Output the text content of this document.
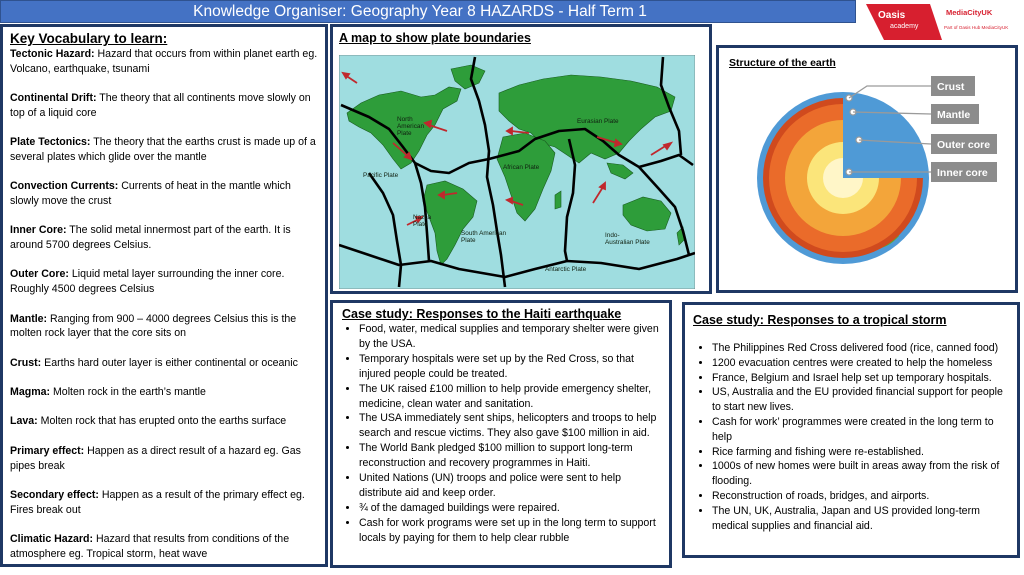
Knowledge Organiser: Geography Year 8 HAZARDS - Half Term 1	Oasis
academy
MediaCityUK
Part of Oasis Hub MediaCityUK
Key Vocabulary to learn:

Tectonic Hazard: Hazard that occurs from within planet earth eg. Volcano, earthquake, tsunami

Continental Drift: The theory that all continents move slowly on top of a liquid core

Plate Tectonics: The theory that the earths crust is made up of a several plates which glide over the mantle

Convection Currents: Currents of heat in the mantle which slowly move the crust

Inner Core: The solid metal innermost part of the earth. It is around 5700 degrees Celsius.

Outer Core: Liquid metal layer surrounding the inner core. Roughly 4500 degrees Celsius

Mantle: Ranging from 900 – 4000 degrees Celsius this is the molten rock layer that the core sits on

Crust: Earths hard outer layer is either continental or oceanic

Magma: Molten rock in the earth’s mantle

Lava: Molten rock that has erupted onto the earths surface

Primary effect: Happen as a direct result of a hazard eg. Gas pipes break

Secondary effect: Happen as a result of the primary effect eg. Fires break out

Climatic Hazard: Hazard that results from conditions of the atmosphere eg. Tropical storm, heat wave

A map to show plate boundaries
North
American
Plate
Eurasian Plate
Pacific Plate
African Plate
Nazca
Plate
South American
Plate
Indo-
Australian Plate
Antarctic Plate
Structure of the earth
Crust
Mantle
Outer core
Inner core
Case study: Responses to the Haiti earthquake
• Food, water, medical supplies and temporary shelter were given by the USA.
• Temporary hospitals were set up by the Red Cross, so that injured people could be treated.
• The UK raised £100 million to help provide emergency shelter, medicine, clean water and sanitation.
• The USA immediately sent ships, helicopters and troops to help search and rescue victims. They also gave $100 million in aid.
• The World Bank pledged $100 million to support long-term reconstruction and recovery programmes in Haiti.
• United Nations (UN) troops and police were sent to help distribute aid and keep order.
• ¾ of the damaged buildings were repaired.
• Cash for work programs were set up in the long term to support locals by paying for them to help clear rubble
Case study: Responses to a tropical storm
• The Philippines Red Cross delivered food (rice, canned food)
• 1200 evacuation centres were created to help the homeless
• France, Belgium and Israel help set up temporary hospitals.
• US, Australia and the EU provided financial support for people to start new lives.
• Cash for work’ programmes were created in the long term to help
• Rice farming and fishing were re-established.
• 1000s of new homes were built in areas away from the risk of flooding.
• Reconstruction of roads, bridges, and airports.
• The UN, UK, Australia, Japan and US provided long-term medical supplies and financial aid.
